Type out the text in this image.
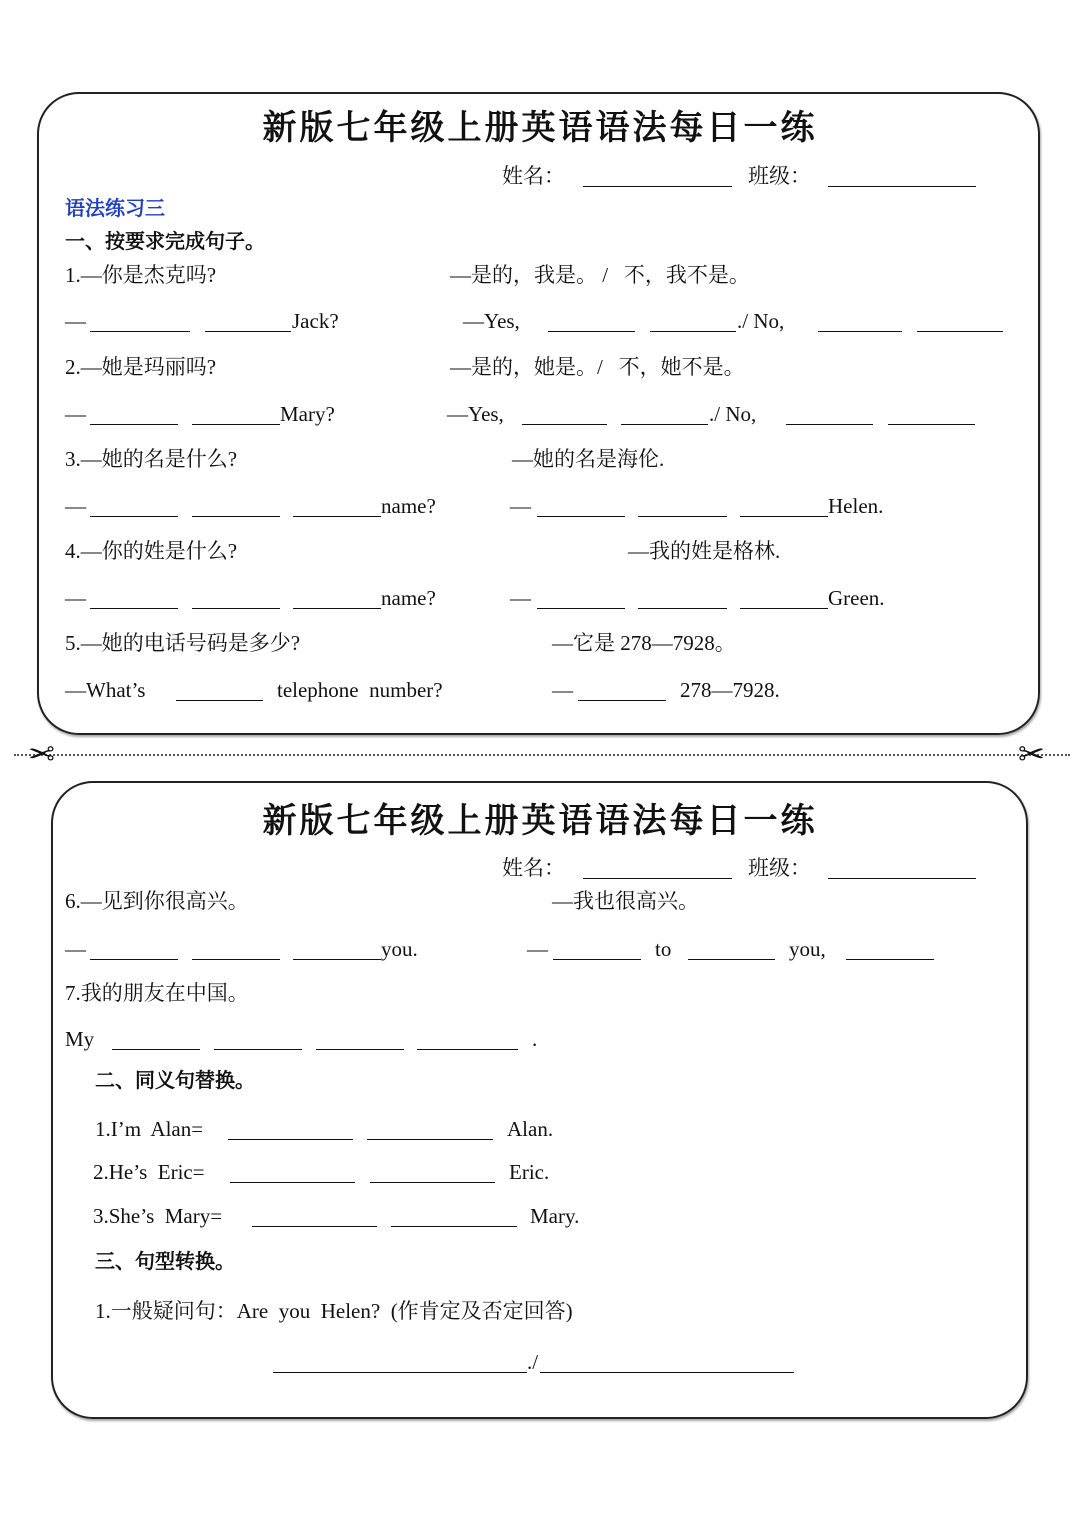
新版七年级上册英语语法每日一练
姓名：	班级：
语法练习三
一、按要求完成句子。
1.—你是杰克吗?	—是的，我是。 /   不，我不是。
—	Jack?	—Yes,	./ No,
2.—她是玛丽吗?	—是的，她是。/   不，她不是。
—	Mary?	—Yes,	./ No,
3.—她的名是什么?	—她的名是海伦.
—	name?	—	Helen.
4.—你的姓是什么?	—我的姓是格林.
—	name?	—	Green.
5.—她的电话号码是多少?	—它是 278—7928。
—What’s	telephone  number?	—	278—7928.
✂	✂
新版七年级上册英语语法每日一练
姓名：	班级：
6.—见到你很高兴。	—我也很高兴。
—	you.	—	to	you,
7.我的朋友在中国。
My	.
二、同义句替换。
1.I’m  Alan=	Alan.
2.He’s  Eric=	Eric.
3.She’s  Mary=	Mary.
三、句型转换。
1.一般疑问句：Are  you  Helen?  (作肯定及否定回答)
./
